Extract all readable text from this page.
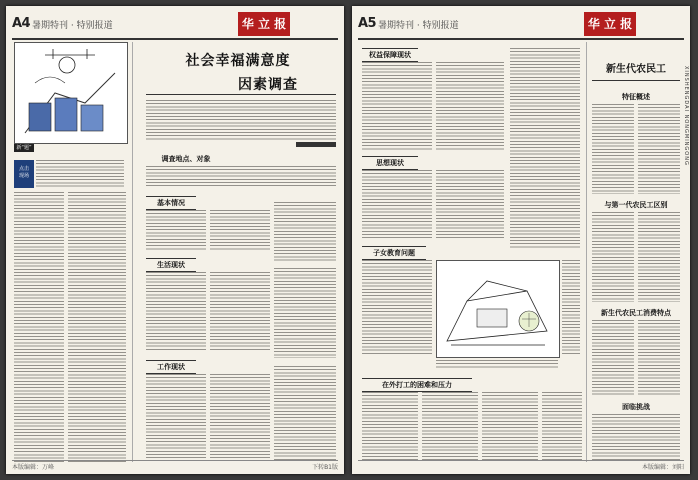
A4 暑期特刊 · 特别报道	华 立 报

新“题”
社会幸福满意度
因素调查
点击
现场
调查地点、对象
基本情况
生活现状
工作现状
本版编辑：万峰	下转B1版
A5 暑期特刊 · 特别报道	华 立 报
权益保障现状
思想现状
子女教育问题
在外打工的困难和压力
新生代农民工
特征概述
与第一代农民工区别
新生代农民工消费特点
面临挑战
XINSHENGDAI NONGMINGONG
本版编辑：刘阳
